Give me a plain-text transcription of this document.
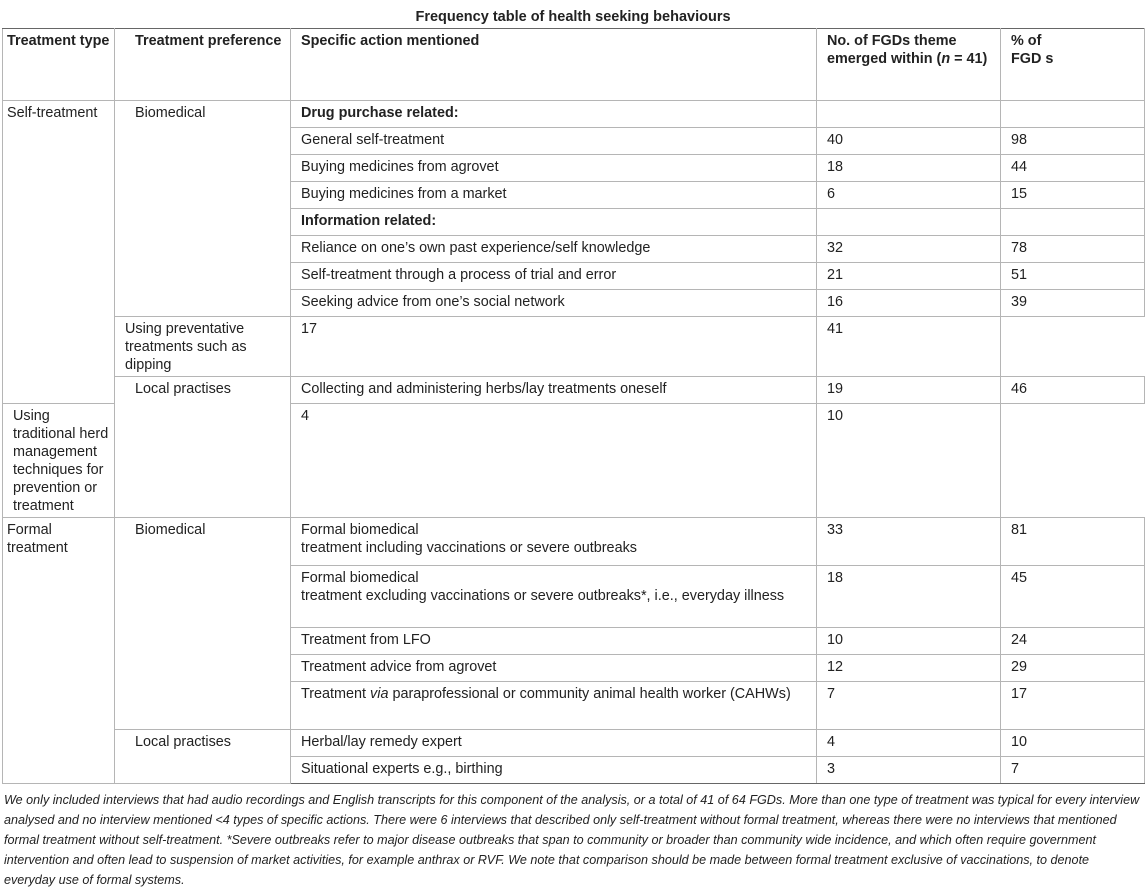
Frequency table of health seeking behaviours
Treatment type	Treatment preference	Specific action mentioned	No. of FGDs theme emerged within (n = 41)	% of FGD s

Self-treatment	Biomedical	Drug purchase related:		
		General self-treatment	40	98
		Buying medicines from agrovet	18	44
		Buying medicines from a market	6	15
		Information related:		
		Reliance on one’s own past experience/self knowledge	32	78
		Self-treatment through a process of trial and error	21	51
		Seeking advice from one’s social network	16	39
	Using preventative treatments such as dipping	17	41	
	Local practises	Collecting and administering herbs/lay treatments oneself	19	46
Using traditional herd management techniques for prevention or treatment		4	10	
Formal treatment	Biomedical	Formal biomedical
treatment including vaccinations or severe outbreaks	33	81

		Formal biomedical
treatment excluding vaccinations or severe outbreaks*, i.e., everyday illness	18	45
		Treatment from LFO	10	24
		Treatment advice from agrovet	12	29
		Treatment via paraprofessional or community animal health worker (CAHWs)	7	17
	Local practises	Herbal/lay remedy expert	4	10
		Situational experts e.g., birthing	3	7
We only included interviews that had audio recordings and English transcripts for this component of the analysis, or a total of 41 of 64 FGDs. More than one type of treatment was typical for every interview analysed and no interview mentioned <4 types of specific actions. There were 6 interviews that described only self-treatment without formal treatment, whereas there were no interviews that mentioned formal treatment without self-treatment. *Severe outbreaks refer to major disease outbreaks that span to community or broader than community wide incidence, and which often require government intervention and often lead to suspension of market activities, for example anthrax or RVF. We note that comparison should be made between formal treatment exclusive of vaccinations, to denote everyday use of formal systems.
